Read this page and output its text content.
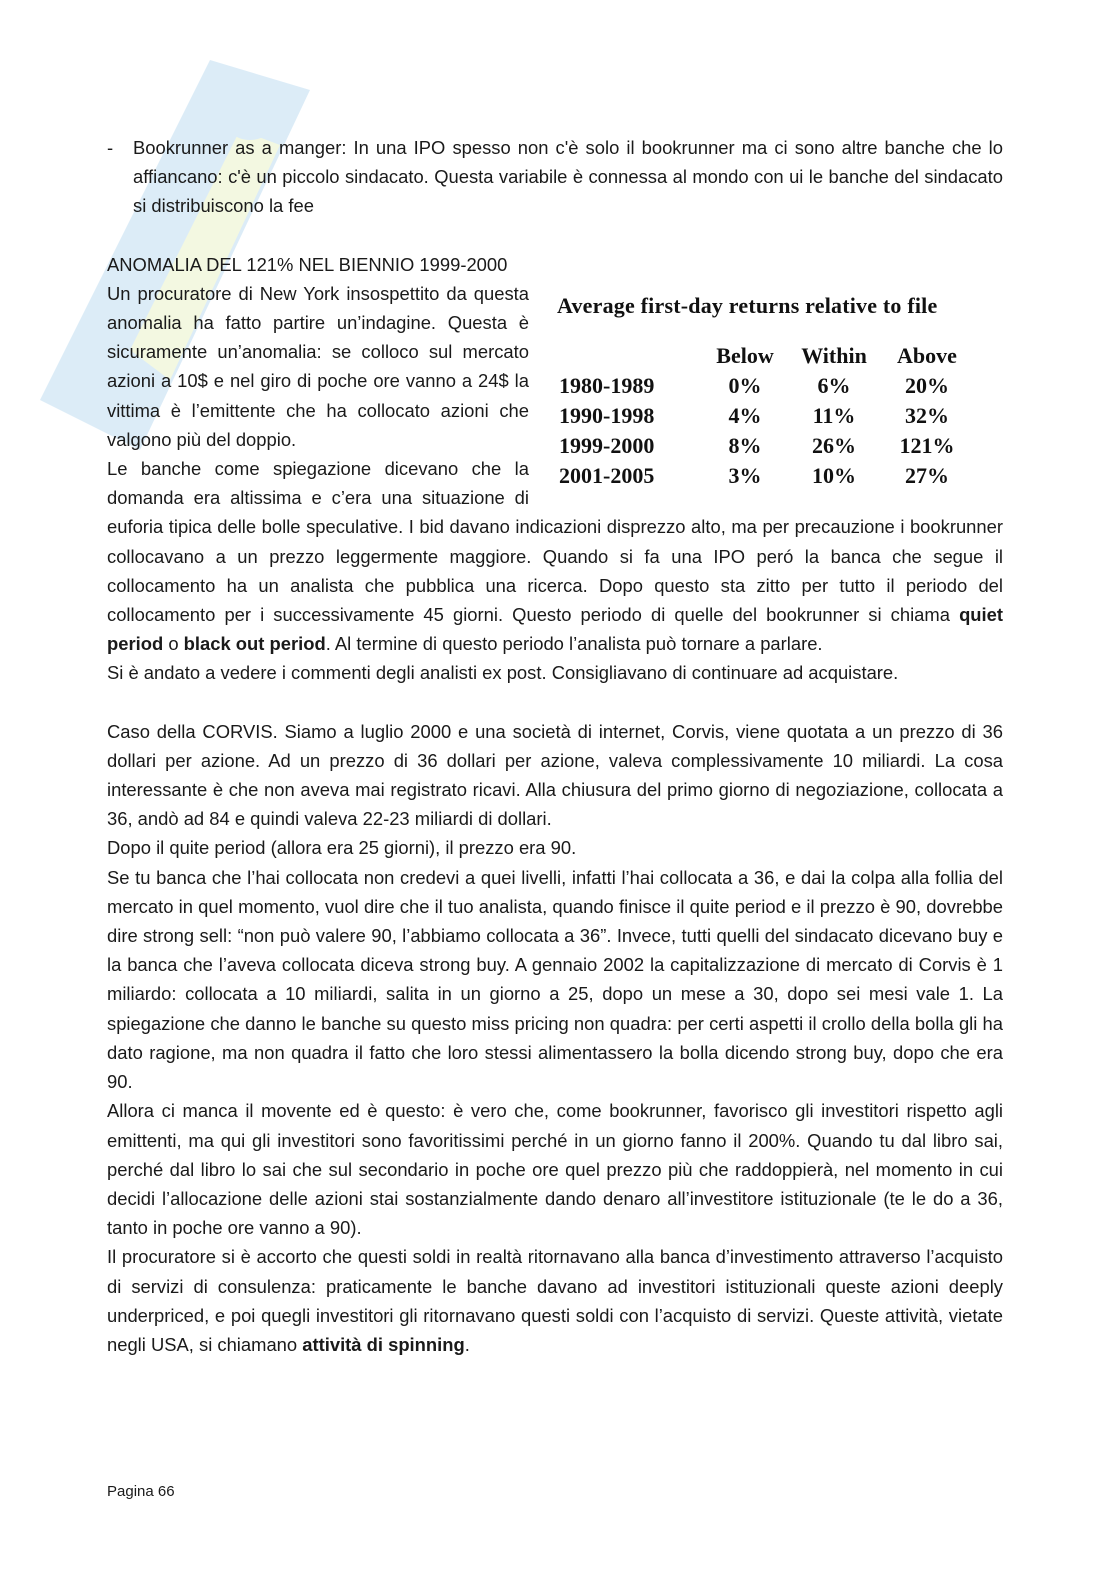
- Bookrunner as a manger: In una IPO spesso non c'è solo il bookrunner ma ci sono altre banche che lo affiancano: c'è un piccolo sindacato. Questa variabile è connessa al mondo con ui le banche del sindacato si distribuiscono la fee

ANOMALIA DEL 121% NEL BIENNIO 1999-2000

Average first-day returns relative to file
	Below	Within	Above
1980-1989	0%	6%	20%
1990-1998	4%	11%	32%
1999-2000	8%	26%	121%
2001-2005	3%	10%	27%

Un procuratore di New York insospettito da questa anomalia ha fatto partire un’indagine. Questa è sicuramente un’anomalia: se colloco sul mercato azioni a 10$ e nel giro di poche ore vanno a 24$ la vittima è l’emittente che ha collocato azioni che valgono più del doppio.

Le banche come spiegazione dicevano che la domanda era altissima e c’era una situazione di euforia tipica delle bolle speculative. I bid davano indicazioni disprezzo alto, ma per precauzione i bookrunner collocavano a un prezzo leggermente maggiore. Quando si fa una IPO peró la banca che segue il collocamento ha un analista che pubblica una ricerca. Dopo questo sta zitto per tutto il periodo del collocamento per i successivamente 45 giorni. Questo periodo di quelle del bookrunner si chiama quiet period o black out period. Al termine di questo periodo l’analista può tornare a parlare.

Si è andato a vedere i commenti degli analisti ex post. Consigliavano di continuare ad acquistare.

Caso della CORVIS. Siamo a luglio 2000 e una società di internet, Corvis, viene quotata a un prezzo di 36 dollari per azione. Ad un prezzo di 36 dollari per azione, valeva complessivamente 10 miliardi. La cosa interessante è che non aveva mai registrato ricavi. Alla chiusura del primo giorno di negoziazione, collocata a 36, andò ad 84 e quindi valeva 22-23 miliardi di dollari.

Dopo il quite period (allora era 25 giorni), il prezzo era 90.

Se tu banca che l’hai collocata non credevi a quei livelli, infatti l’hai collocata a 36, e dai la colpa alla follia del mercato in quel momento, vuol dire che il tuo analista, quando finisce il quite period e il prezzo è 90, dovrebbe dire strong sell: “non può valere 90, l’abbiamo collocata a 36”. Invece, tutti quelli del sindacato dicevano buy e la banca che l’aveva collocata diceva strong buy. A gennaio 2002 la capitalizzazione di mercato di Corvis è 1 miliardo: collocata a 10 miliardi, salita in un giorno a 25, dopo un mese a 30, dopo sei mesi vale 1. La spiegazione che danno le banche su questo miss pricing non quadra: per certi aspetti il crollo della bolla gli ha dato ragione, ma non quadra il fatto che loro stessi alimentassero la bolla dicendo strong buy, dopo che era 90.

Allora ci manca il movente ed è questo: è vero che, come bookrunner, favorisco gli investitori rispetto agli emittenti, ma qui gli investitori sono favoritissimi perché in un giorno fanno il 200%. Quando tu dal libro sai, perché dal libro lo sai che sul secondario in poche ore quel prezzo più che raddoppierà, nel momento in cui decidi l’allocazione delle azioni stai sostanzialmente dando denaro all’investitore istituzionale (te le do a 36, tanto in poche ore vanno a 90).

Il procuratore si è accorto che questi soldi in realtà ritornavano alla banca d’investimento attraverso l’acquisto di servizi di consulenza: praticamente le banche davano ad investitori istituzionali queste azioni deeply underpriced, e poi quegli investitori gli ritornavano questi soldi con l’acquisto di servizi. Queste attività, vietate negli USA, si chiamano attività di spinning.

Pagina 66
